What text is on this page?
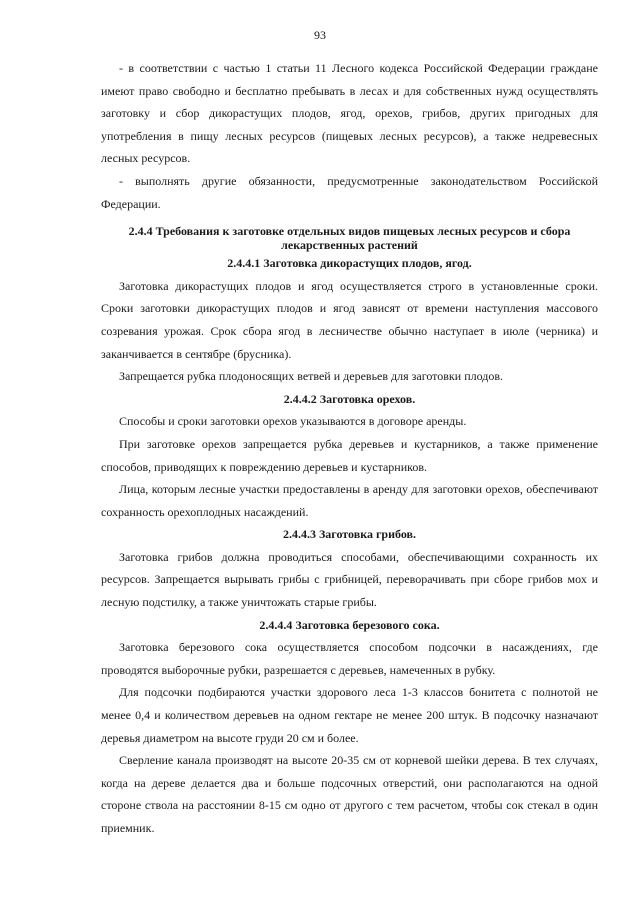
93

- в соответствии с частью 1 статьи 11 Лесного кодекса Российской Федерации граждане имеют право свободно и бесплатно пребывать в лесах и для собственных нужд осуществлять заготовку и сбор дикорастущих плодов, ягод, орехов, грибов, других пригодных для употребления в пищу лесных ресурсов (пищевых лесных ресурсов), а также недревесных лесных ресурсов.

- выполнять другие обязанности, предусмотренные законодательством Российской Федерации.

2.4.4 Требования к заготовке отдельных видов пищевых лесных ресурсов и сбора лекарственных растений
2.4.4.1 Заготовка дикорастущих плодов, ягод.

Заготовка дикорастущих плодов и ягод осуществляется строго в установленные сроки. Сроки заготовки дикорастущих плодов и ягод зависят от времени наступления массового созревания урожая. Срок сбора ягод в лесничестве обычно наступает в июле (черника) и заканчивается в сентябре (брусника).

Запрещается рубка плодоносящих ветвей и деревьев для заготовки плодов.

2.4.4.2 Заготовка орехов.

Способы и сроки заготовки орехов указываются в договоре аренды.

При заготовке орехов запрещается рубка деревьев и кустарников, а также применение способов, приводящих к повреждению деревьев и кустарников.

Лица, которым лесные участки предоставлены в аренду для заготовки орехов, обеспечивают сохранность орехоплодных насаждений.

2.4.4.3 Заготовка грибов.

Заготовка грибов должна проводиться способами, обеспечивающими сохранность их ресурсов. Запрещается вырывать грибы с грибницей, переворачивать при сборе грибов мох и лесную подстилку, а также уничтожать старые грибы.

2.4.4.4 Заготовка березового сока.

Заготовка березового сока осуществляется способом подсочки в насаждениях, где проводятся выборочные рубки, разрешается с деревьев, намеченных в рубку.

Для подсочки подбираются участки здорового леса 1-3 классов бонитета с полнотой не менее 0,4 и количеством деревьев на одном гектаре не менее 200 штук. В подсочку назначают деревья диаметром на высоте груди 20 см и более.

Сверление канала производят на высоте 20-35 см от корневой шейки дерева. В тех случаях, когда на дереве делается два и больше подсочных отверстий, они располагаются на одной стороне ствола на расстоянии 8-15 см одно от другого с тем расчетом, чтобы сок стекал в один приемник.
